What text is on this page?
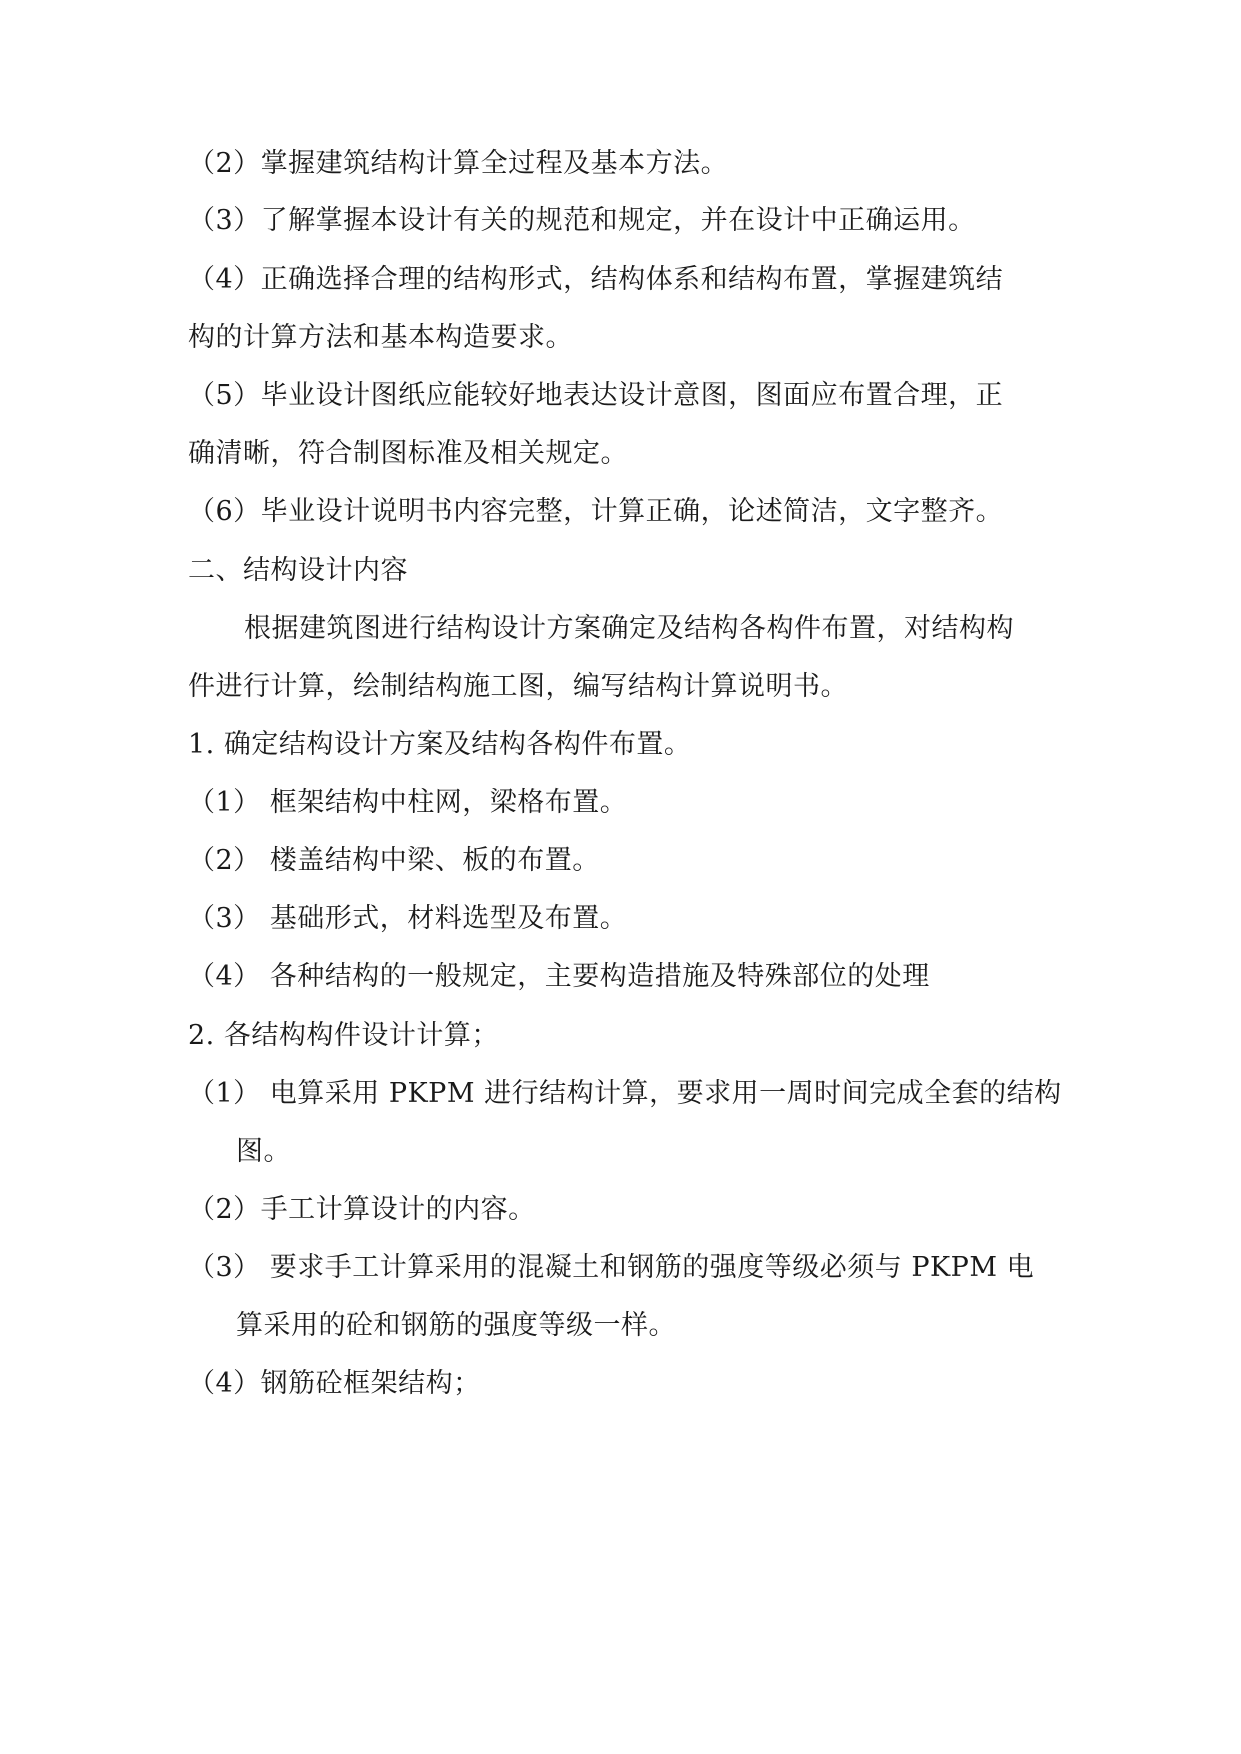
（2）掌握建筑结构计算全过程及基本方法。
（3）了解掌握本设计有关的规范和规定，并在设计中正确运用。
（4）正确选择合理的结构形式，结构体系和结构布置，掌握建筑结
构的计算方法和基本构造要求。
（5）毕业设计图纸应能较好地表达设计意图，图面应布置合理，正
确清晰，符合制图标准及相关规定。
（6）毕业设计说明书内容完整，计算正确，论述简洁，文字整齐。
二、结构设计内容
根据建筑图进行结构设计方案确定及结构各构件布置，对结构构
件进行计算，绘制结构施工图，编写结构计算说明书。
1. 确定结构设计方案及结构各构件布置。
（1） 框架结构中柱网，梁格布置。
（2） 楼盖结构中梁、板的布置。
（3） 基础形式，材料选型及布置。
（4） 各种结构的一般规定，主要构造措施及特殊部位的处理
2. 各结构构件设计计算；
（1） 电算采用 PKPM 进行结构计算，要求用一周时间完成全套的结构
图。
（2）手工计算设计的内容。
（3） 要求手工计算采用的混凝土和钢筋的强度等级必须与 PKPM 电
算采用的砼和钢筋的强度等级一样。
（4）钢筋砼框架结构；
